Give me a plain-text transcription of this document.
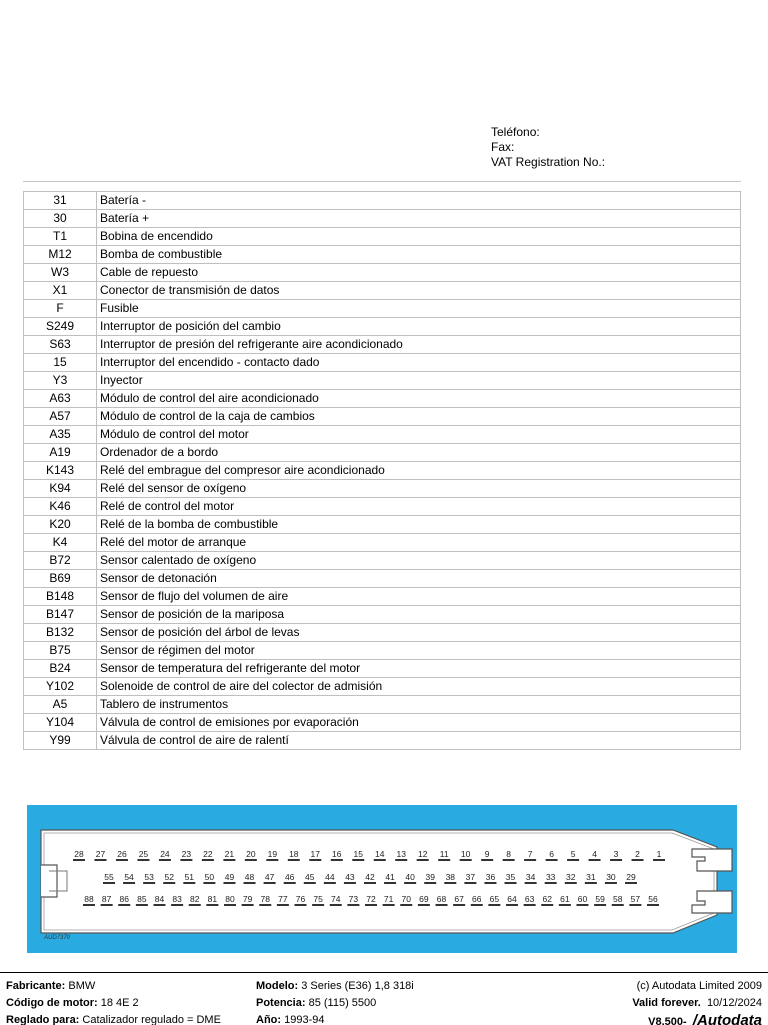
Teléfono:
Fax:
VAT Registration No.:
31	Batería -
30	Batería +
T1	Bobina de encendido
M12	Bomba de combustible
W3	Cable de repuesto
X1	Conector de transmisión de datos
F	Fusible
S249	Interruptor de posición del cambio
S63	Interruptor de presión del refrigerante aire acondicionado
15	Interruptor del encendido - contacto dado
Y3	Inyector
A63	Módulo de control del aire acondicionado
A57	Módulo de control de la caja de cambios
A35	Módulo de control del motor
A19	Ordenador de a bordo
K143	Relé del embrague del compresor aire acondicionado
K94	Relé del sensor de oxígeno
K46	Relé de control del motor
K20	Relé de la bomba de combustible
K4	Relé del motor de arranque
B72	Sensor calentado de oxígeno
B69	Sensor de detonación
B148	Sensor de flujo del volumen de aire
B147	Sensor de posición de la mariposa
B132	Sensor de posición del árbol de levas
B75	Sensor de régimen del motor
B24	Sensor de temperatura del refrigerante del motor
Y102	Solenoide de control de aire del colector de admisión
A5	Tablero de instrumentos
Y104	Válvula de control de emisiones por evaporación
Y99	Válvula de control de aire de ralentí
28 27 26 25 24 23 22 21 20 19 18 17 16 15 14 13 12 11 10 9 8 7 6 5 4 3 2 1
55 54 53 52 51 50 49 48 47 46 45 44 43 42 41 40 39 38 37 36 35 34 33 32 31 30 29
88 87 86 85 84 83 82 81 80 79 78 77 76 75 74 73 72 71 70 69 68 67 66 65 64 63 62 61 60 59 58 57 56
AUD7370
Fabricante: BMW
Código de motor: 18 4E 2
Reglado para: Catalizador regulado = DME
Modelo: 3 Series (E36) 1,8 318i
Potencia: 85 (115) 5500
Año: 1993-94
(c) Autodata Limited 2009
Valid forever. 10/12/2024
V8.500- /Autodata
